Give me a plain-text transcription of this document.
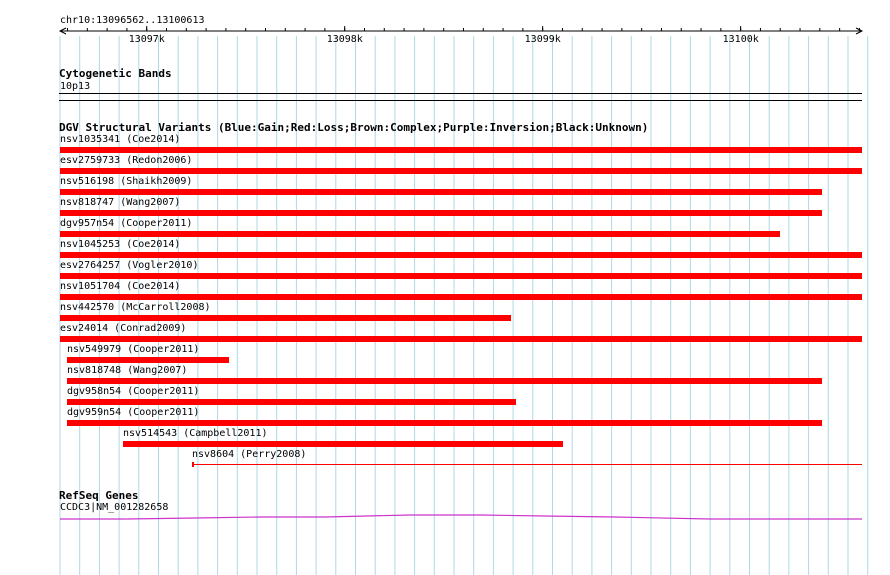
chr10:13096562..13100613
13097k	13098k	13099k	13100k
Cytogenetic Bands
10p13
DGV Structural Variants (Blue:Gain;Red:Loss;Brown:Complex;Purple:Inversion;Black:Unknown)
nsv1035341 (Coe2014)
esv2759733 (Redon2006)
nsv516198 (Shaikh2009)
nsv818747 (Wang2007)
dgv957n54 (Cooper2011)
nsv1045253 (Coe2014)
esv2764257 (Vogler2010)
nsv1051704 (Coe2014)
nsv442570 (McCarroll2008)
esv24014 (Conrad2009)
nsv549979 (Cooper2011)
nsv818748 (Wang2007)
dgv958n54 (Cooper2011)
dgv959n54 (Cooper2011)
nsv514543 (Campbell2011)
nsv8604 (Perry2008)
RefSeq Genes
CCDC3|NM_001282658
